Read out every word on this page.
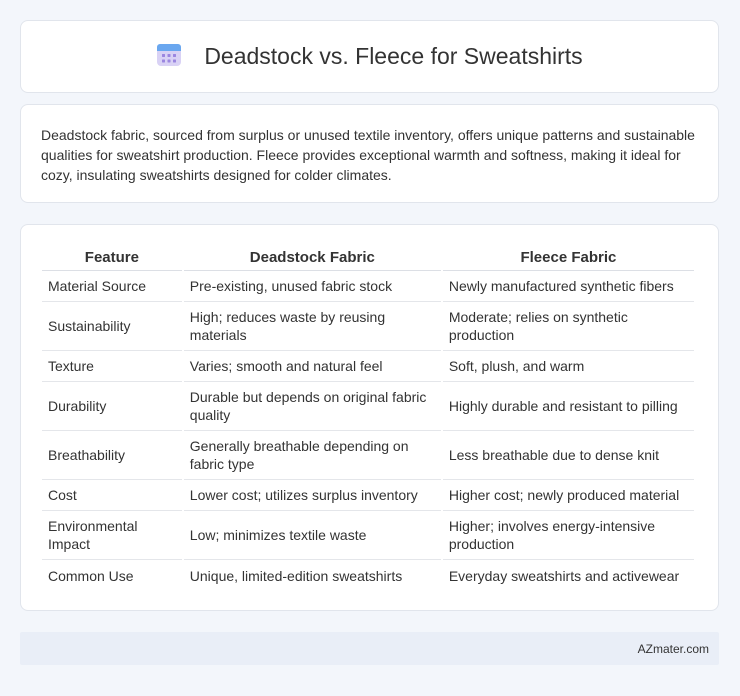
Deadstock vs. Fleece for Sweatshirts

Deadstock fabric, sourced from surplus or unused textile inventory, offers unique patterns and sustainable qualities for sweatshirt production. Fleece provides exceptional warmth and softness, making it ideal for cozy, insulating sweatshirts designed for colder climates.

Feature	Deadstock Fabric	Fleece Fabric
Material Source	Pre-existing, unused fabric stock	Newly manufactured synthetic fibers
Sustainability	High; reduces waste by reusing materials	Moderate; relies on synthetic production
Texture	Varies; smooth and natural feel	Soft, plush, and warm
Durability	Durable but depends on original fabric quality	Highly durable and resistant to pilling
Breathability	Generally breathable depending on fabric type	Less breathable due to dense knit
Cost	Lower cost; utilizes surplus inventory	Higher cost; newly produced material
Environmental Impact	Low; minimizes textile waste	Higher; involves energy-intensive production
Common Use	Unique, limited-edition sweatshirts	Everyday sweatshirts and activewear
AZmater.com
